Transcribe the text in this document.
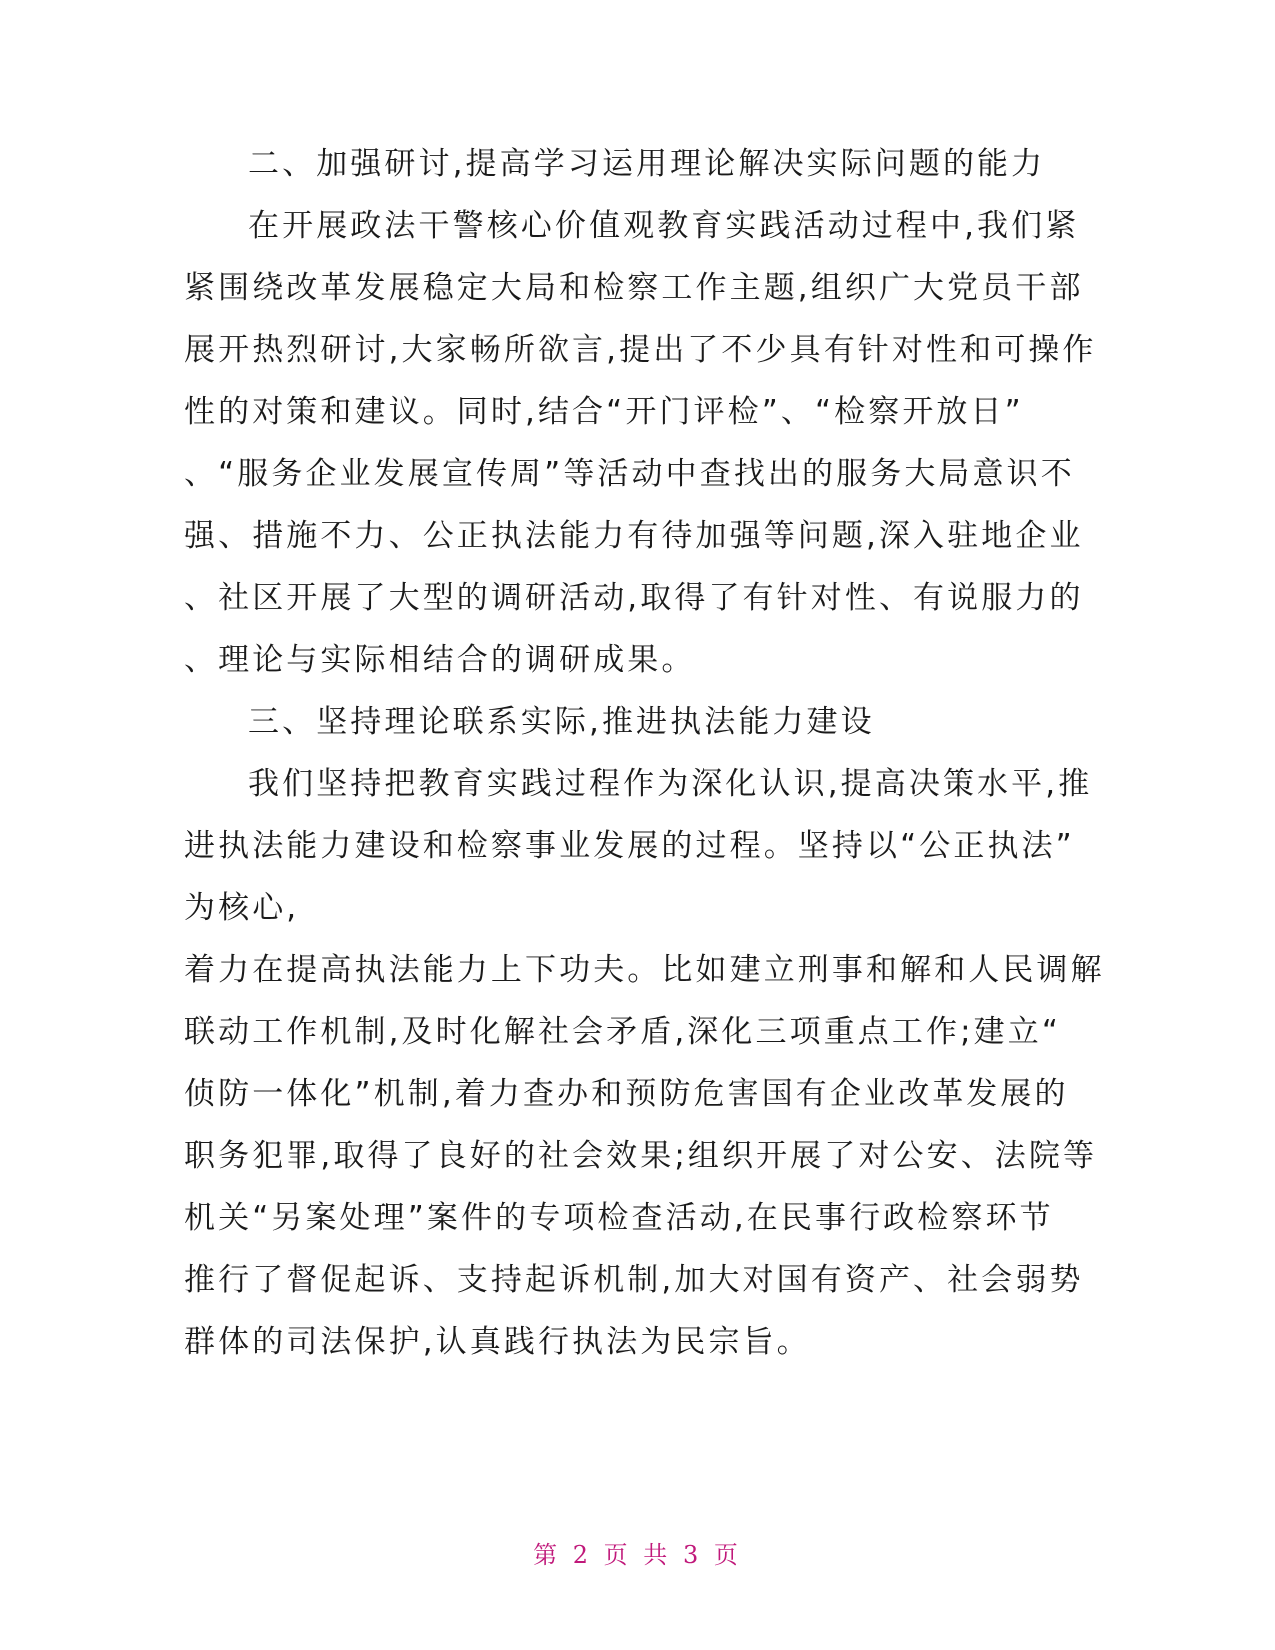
二、加强研讨,提高学习运用理论解决实际问题的能力
在开展政法干警核心价值观教育实践活动过程中,我们紧
紧围绕改革发展稳定大局和检察工作主题,组织广大党员干部
展开热烈研讨,大家畅所欲言,提出了不少具有针对性和可操作
性的对策和建议。同时,结合“开门评检”、“检察开放日”
、“服务企业发展宣传周”等活动中查找出的服务大局意识不
强、措施不力、公正执法能力有待加强等问题,深入驻地企业
、社区开展了大型的调研活动,取得了有针对性、有说服力的
、理论与实际相结合的调研成果。
三、坚持理论联系实际,推进执法能力建设
我们坚持把教育实践过程作为深化认识,提高决策水平,推
进执法能力建设和检察事业发展的过程。坚持以“公正执法”
为核心,
着力在提高执法能力上下功夫。比如建立刑事和解和人民调解
联动工作机制,及时化解社会矛盾,深化三项重点工作;建立“
侦防一体化”机制,着力查办和预防危害国有企业改革发展的
职务犯罪,取得了良好的社会效果;组织开展了对公安、法院等
机关“另案处理”案件的专项检查活动,在民事行政检察环节
推行了督促起诉、支持起诉机制,加大对国有资产、社会弱势
群体的司法保护,认真践行执法为民宗旨。
第 2 页 共 3 页
